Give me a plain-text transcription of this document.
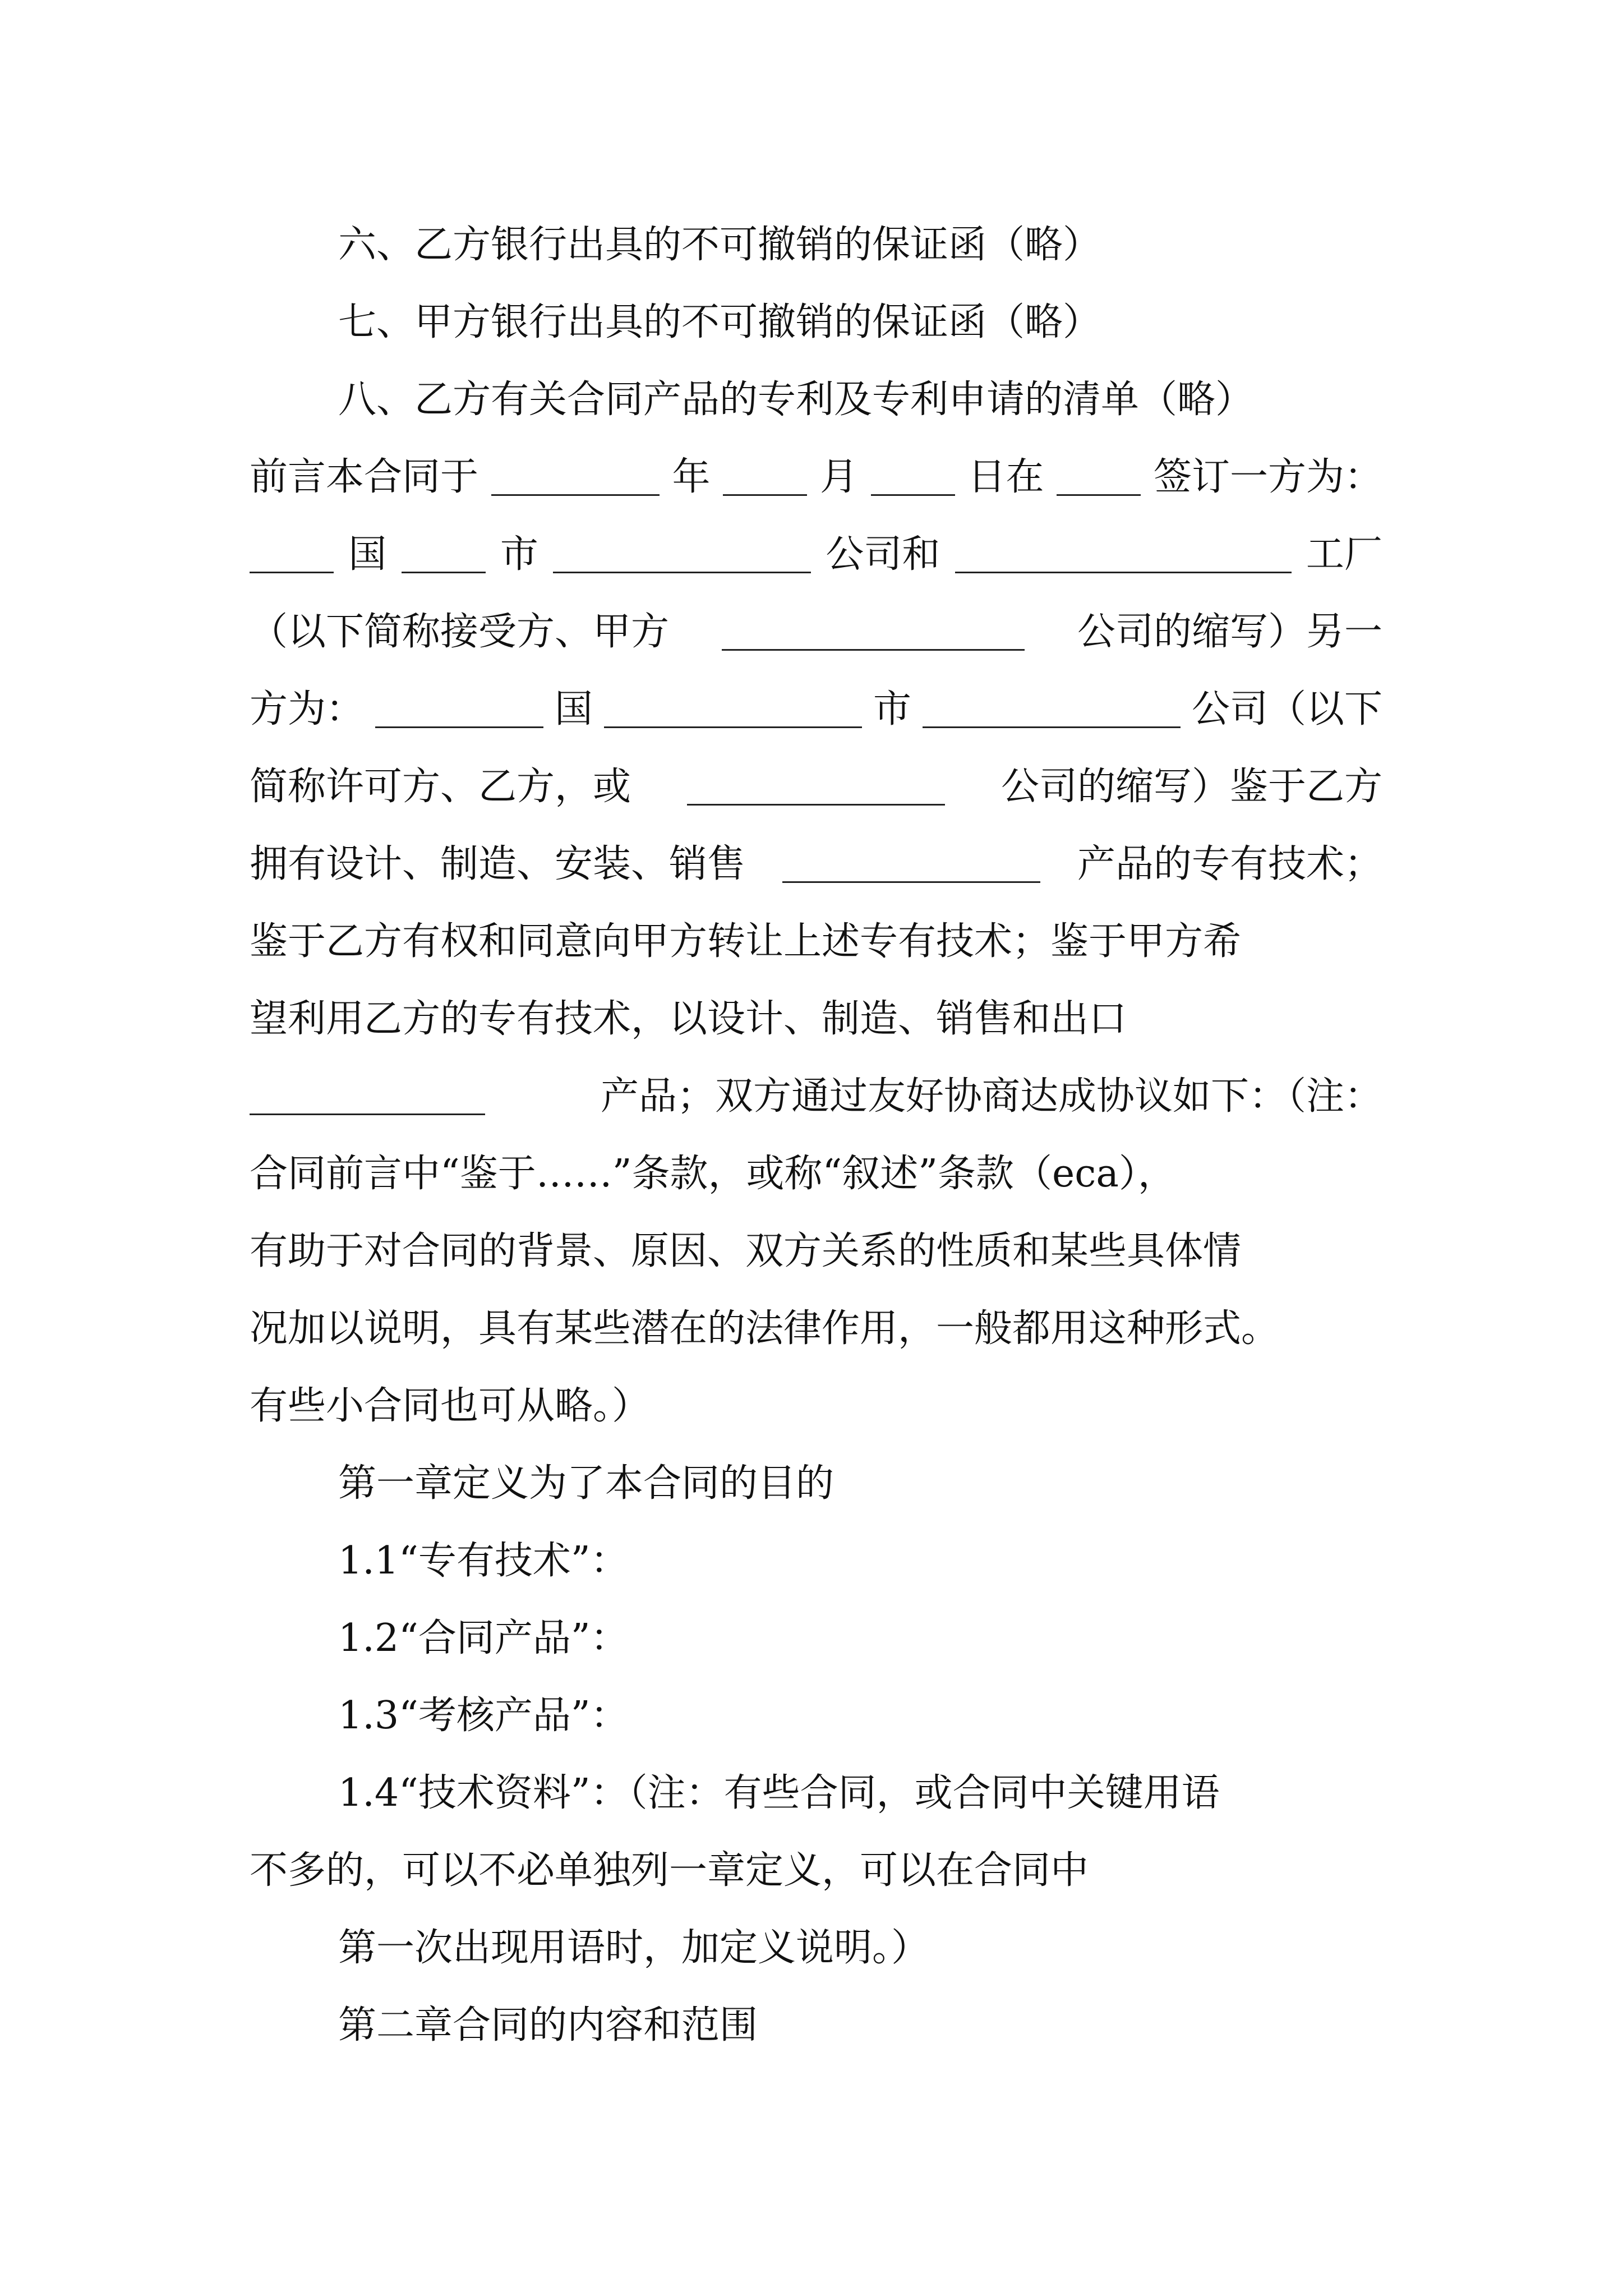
六、乙方银行出具的不可撤销的保证函（略）
七、甲方银行出具的不可撤销的保证函（略）
八、乙方有关合同产品的专利及专利申请的清单（略）
前言本合同于	年	月	日在	签订一方为：
国	市	公司和	工厂
（以下简称接受方、甲方	公司的缩写）另一
方为：	国	市	公司（以下
简称许可方、乙方，或	公司的缩写）鉴于乙方
拥有设计、制造、安装、销售	产品的专有技术；
鉴于乙方有权和同意向甲方转让上述专有技术；鉴于甲方希
望利用乙方的专有技术，以设计、制造、销售和出口
产品；双方通过友好协商达成协议如下：（注：
合同前言中“鉴于……”条款，或称“叙述”条款（eca），
有助于对合同的背景、原因、双方关系的性质和某些具体情
况加以说明，具有某些潜在的法律作用，一般都用这种形式。
有些小合同也可从略。）
第一章定义为了本合同的目的
1.1“专有技术”：
1.2“合同产品”：
1.3“考核产品”：
1.4“技术资料”：（注：有些合同，或合同中关键用语
不多的，可以不必单独列一章定义，可以在合同中
第一次出现用语时，加定义说明。）
第二章合同的内容和范围
